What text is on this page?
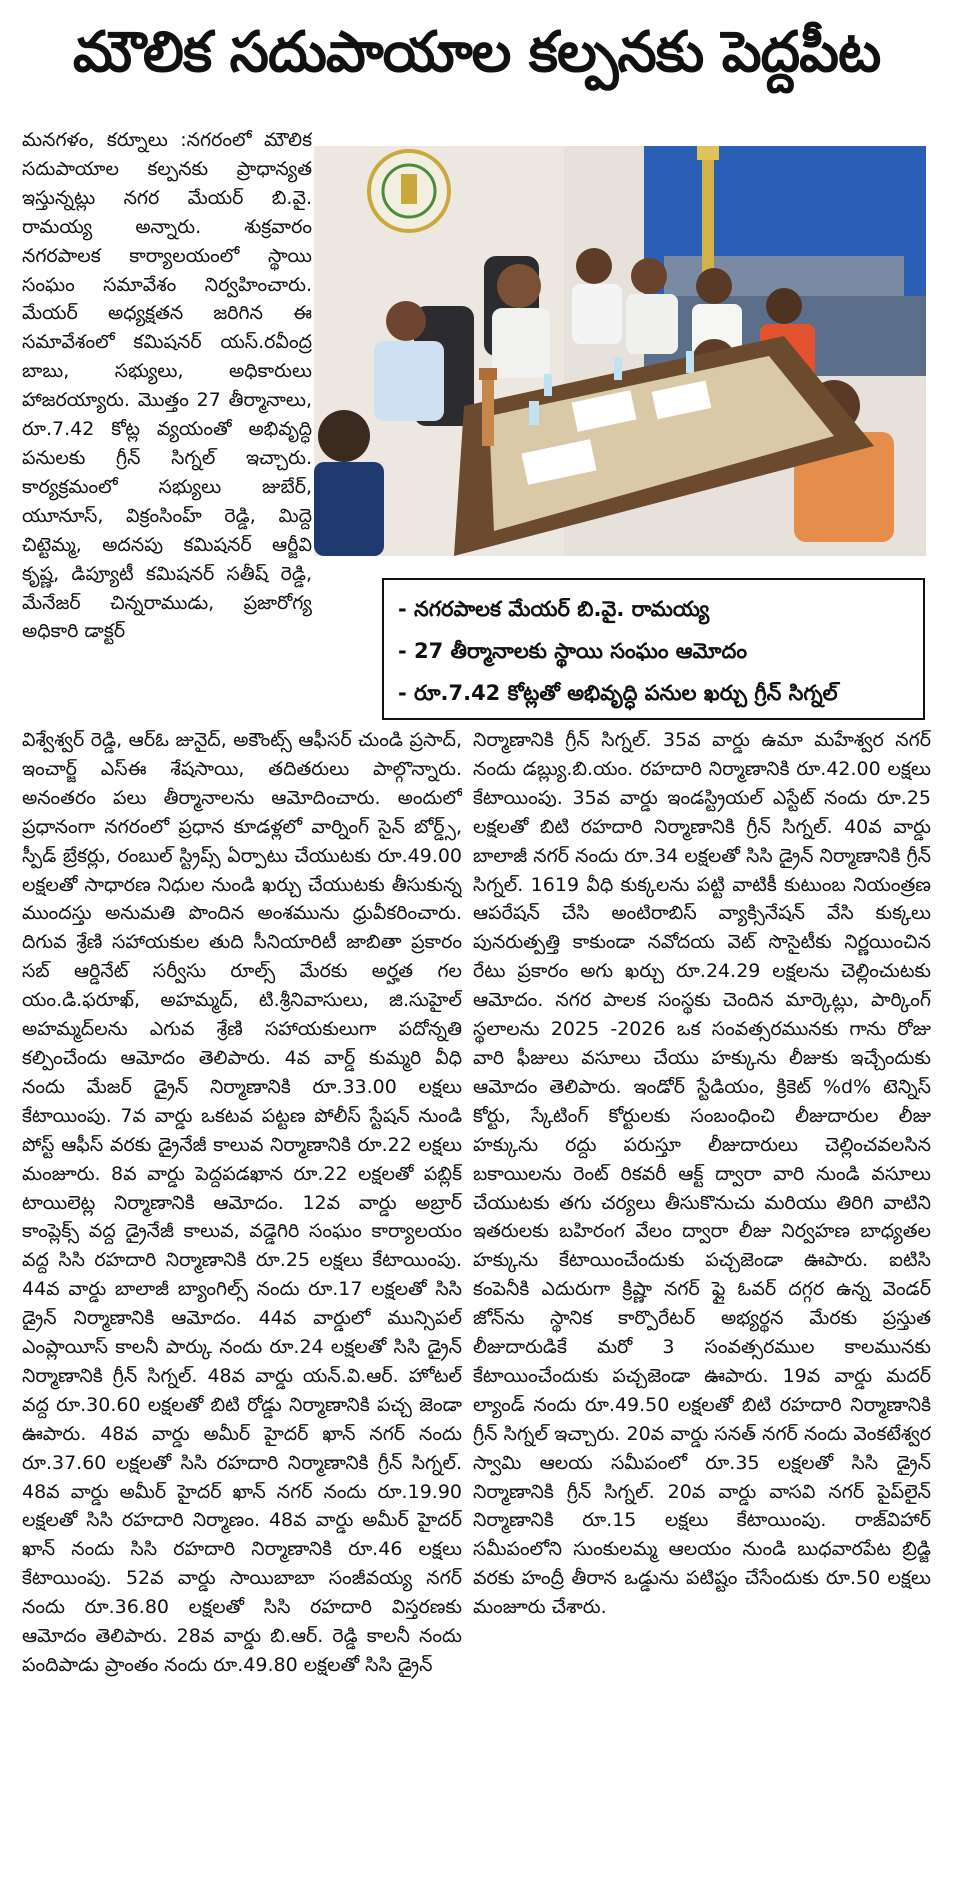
మౌలిక సదుపాయాల కల్పనకు పెద్దపీట

మనగళం, కర్నూలు :నగరంలో మౌలిక సదుపాయాల కల్పనకు ప్రాధాన్యత ఇస్తున్నట్లు నగర మేయర్ బి.వై. రామయ్య అన్నారు. శుక్రవారం నగరపాలక కార్యాలయంలో స్థాయి సంఘం సమావేశం నిర్వహించారు. మేయర్ అధ్యక్షతన జరిగిన ఈ సమావేశంలో కమిషనర్ యస్.రవీంద్ర బాబు, సభ్యులు, అధికారులు హాజరయ్యారు. మొత్తం 27 తీర్మానాలు, రూ.7.42 కోట్ల వ్యయంతో అభివృద్ధి పనులకు గ్రీన్ సిగ్నల్ ఇచ్చారు. కార్యక్రమంలో సభ్యులు జుబేర్, యూనూస్, విక్రంసింహ్ రెడ్డి, మిద్దె చిట్టెమ్మ, అదనపు కమిషనర్ ఆర్జీవి కృష్ణ, డిప్యూటీ కమిషనర్ సతీష్ రెడ్డి, మేనేజర్ చిన్నరాముడు, ప్రజారోగ్య అధికారి డాక్టర్

- నగరపాలక మేయర్ బి.వై. రామయ్య
- 27 తీర్మానాలకు స్థాయి సంఘం ఆమోదం
- రూ.7.42 కోట్లతో అభివృద్ధి పనుల ఖర్చు గ్రీన్ సిగ్నల్

విశ్వేశ్వర్ రెడ్డి, ఆర్ఓ జునైద్, అకౌంట్స్ ఆఫీసర్ చుండి ప్రసాద్, ఇంచార్జ్ ఎస్ఈ శేషసాయి, తదితరులు పాల్గొన్నారు. అనంతరం పలు తీర్మానాలను ఆమోదించారు. అందులో ప్రధానంగా నగరంలో ప్రధాన కూడళ్లలో వార్నింగ్ సైన్ బోర్డ్స్, స్పీడ్ బ్రేకర్లు, రంబుల్ స్ట్రిప్స్ ఏర్పాటు చేయుటకు రూ.49.00 లక్షలతో సాధారణ నిధుల నుండి ఖర్చు చేయుటకు తీసుకున్న ముందస్తు అనుమతి పొందిన అంశమును ధ్రువీకరించారు. దిగువ శ్రేణి సహాయకుల తుది సీనియారిటీ జాబితా ప్రకారం సబ్ ఆర్డినేట్ సర్వీసు రూల్స్ మేరకు అర్హత గల యం.డి.ఫరూఖ్, అహమ్మద్, టి.శ్రీనివాసులు, జి.సుహైల్ అహమ్మద్‌లను ఎగువ శ్రేణి సహాయకులుగా పదోన్నతి కల్పించేందు ఆమోదం తెలిపారు. 4వ వార్డ్ కుమ్మరి వీధి నందు మేజర్ డ్రైన్ నిర్మాణానికి రూ.33.00 లక్షలు కేటాయింపు. 7వ వార్డు ఒకటవ పట్టణ పోలీస్ స్టేషన్ నుండి పోస్ట్ ఆఫీస్ వరకు డ్రైనేజీ కాలువ నిర్మాణానికి రూ.22 లక్షలు మంజూరు. 8వ వార్డు పెద్దపడఖాన రూ.22 లక్షలతో పబ్లిక్ టాయిలెట్ల నిర్మాణానికి ఆమోదం. 12వ వార్డు అబ్రార్ కాంప్లెక్స్ వద్ద డ్రైనేజీ కాలువ, వడ్డెగిరి సంఘం కార్యాలయం వద్ద సిసి రహదారి నిర్మాణానికి రూ.25 లక్షలు కేటాయింపు. 44వ వార్డు బాలాజీ బ్యాంగిల్స్ నందు రూ.17 లక్షలతో సిసి డ్రైన్ నిర్మాణానికి ఆమోదం. 44వ వార్డులో మున్సిపల్ ఎంప్లాయీస్ కాలనీ పార్కు నందు రూ.24 లక్షలతో సిసి డ్రైన్ నిర్మాణానికి గ్రీన్ సిగ్నల్. 48వ వార్డు యన్.వి.ఆర్. హోటల్ వద్ద రూ.30.60 లక్షలతో బిటి రోడ్డు నిర్మాణానికి పచ్చ జెండా ఊపారు. 48వ వార్డు అమీర్ హైదర్ ఖాన్ నగర్ నందు రూ.37.60 లక్షలతో సిసి రహదారి నిర్మాణానికి గ్రీన్ సిగ్నల్. 48వ వార్డు అమీర్ హైదర్ ఖాన్ నగర్ నందు రూ.19.90 లక్షలతో సిసి రహదారి నిర్మాణం. 48వ వార్డు అమీర్ హైదర్ ఖాన్ నందు సిసి రహదారి నిర్మాణానికి రూ.46 లక్షలు కేటాయింపు. 52వ వార్డు సాయిబాబా సంజీవయ్య నగర్ నందు రూ.36.80 లక్షలతో సిసి రహదారి విస్తరణకు ఆమోదం తెలిపారు. 28వ వార్డు బి.ఆర్. రెడ్డి కాలనీ నందు పందిపాడు ప్రాంతం నందు రూ.49.80 లక్షలతో సిసి డ్రైన్

నిర్మాణానికి గ్రీన్ సిగ్నల్. 35వ వార్డు ఉమా మహేశ్వర నగర్ నందు డబ్ల్యు.బి.యం. రహదారి నిర్మాణానికి రూ.42.00 లక్షలు కేటాయింపు. 35వ వార్డు ఇండస్ట్రియల్ ఎస్టేట్ నందు రూ.25 లక్షలతో బిటి రహదారి నిర్మాణానికి గ్రీన్ సిగ్నల్. 40వ వార్డు బాలాజీ నగర్ నందు రూ.34 లక్షలతో సిసి డ్రైన్ నిర్మాణానికి గ్రీన్ సిగ్నల్. 1619 వీధి కుక్కలను పట్టి వాటికీ కుటుంబ నియంత్రణ ఆపరేషన్ చేసి అంటిరాబిస్ వ్యాక్సినేషన్ వేసి కుక్కలు పునరుత్పత్తి కాకుండా నవోదయ వెట్ సొసైటీకు నిర్ణయించిన రేటు ప్రకారం అగు ఖర్చు రూ.24.29 లక్షలను చెల్లించుటకు ఆమోదం. నగర పాలక సంస్థకు చెందిన మార్కెట్లు, పార్కింగ్ స్థలాలను 2025 -2026 ఒక సంవత్సరమునకు గాను రోజు వారి ఫీజులు వసూలు చేయు హక్కును లీజుకు ఇచ్చేందుకు ఆమోదం తెలిపారు. ఇండోర్ స్టేడియం, క్రికెట్ %d% టెన్నిస్ కోర్టు, స్కేటింగ్ కోర్టులకు సంబంధించి లీజుదారుల లీజు హక్కును రద్దు పరుస్తూ లీజుదారులు చెల్లించవలసిన బకాయిలను రెంట్ రికవరీ ఆక్ట్ ద్వారా వారి నుండి వసూలు చేయుటకు తగు చర్యలు తీసుకొనుచు మరియు తిరిగి వాటిని ఇతరులకు బహిరంగ వేలం ద్వారా లీజు నిర్వహణ బాధ్యతల హక్కును కేటాయించేందుకు పచ్చజెండా ఊపారు. ఐటిసి కంపెనీకి ఎదురుగా క్రిష్ణా నగర్ ఫ్లై ఓవర్ దగ్గర ఉన్న వెండర్ జోన్‌ను స్థానిక కార్పొరేటర్ అభ్యర్థన మేరకు ప్రస్తుత లీజుదారుడికే మరో 3 సంవత్సరముల కాలమునకు కేటాయించేందుకు పచ్చజెండా ఊపారు. 19వ వార్డు మదర్ ల్యాండ్ నందు రూ.49.50 లక్షలతో బిటి రహదారి నిర్మాణానికి గ్రీన్ సిగ్నల్ ఇచ్చారు. 20వ వార్డు సనత్ నగర్ నందు వెంకటేశ్వర స్వామి ఆలయ సమీపంలో రూ.35 లక్షలతో సిసి డ్రైన్ నిర్మాణానికి గ్రీన్ సిగ్నల్. 20వ వార్డు వాసవి నగర్ పైప్‌లైన్ నిర్మాణానికి రూ.15 లక్షలు కేటాయింపు. రాజ్‌విహార్ సమీపంలోని సుంకులమ్మ ఆలయం నుండి బుధవారపేట బ్రిడ్జి వరకు హంద్రీ తీరాన ఒడ్డును పటిష్టం చేసేందుకు రూ.50 లక్షలు మంజూరు చేశారు.
